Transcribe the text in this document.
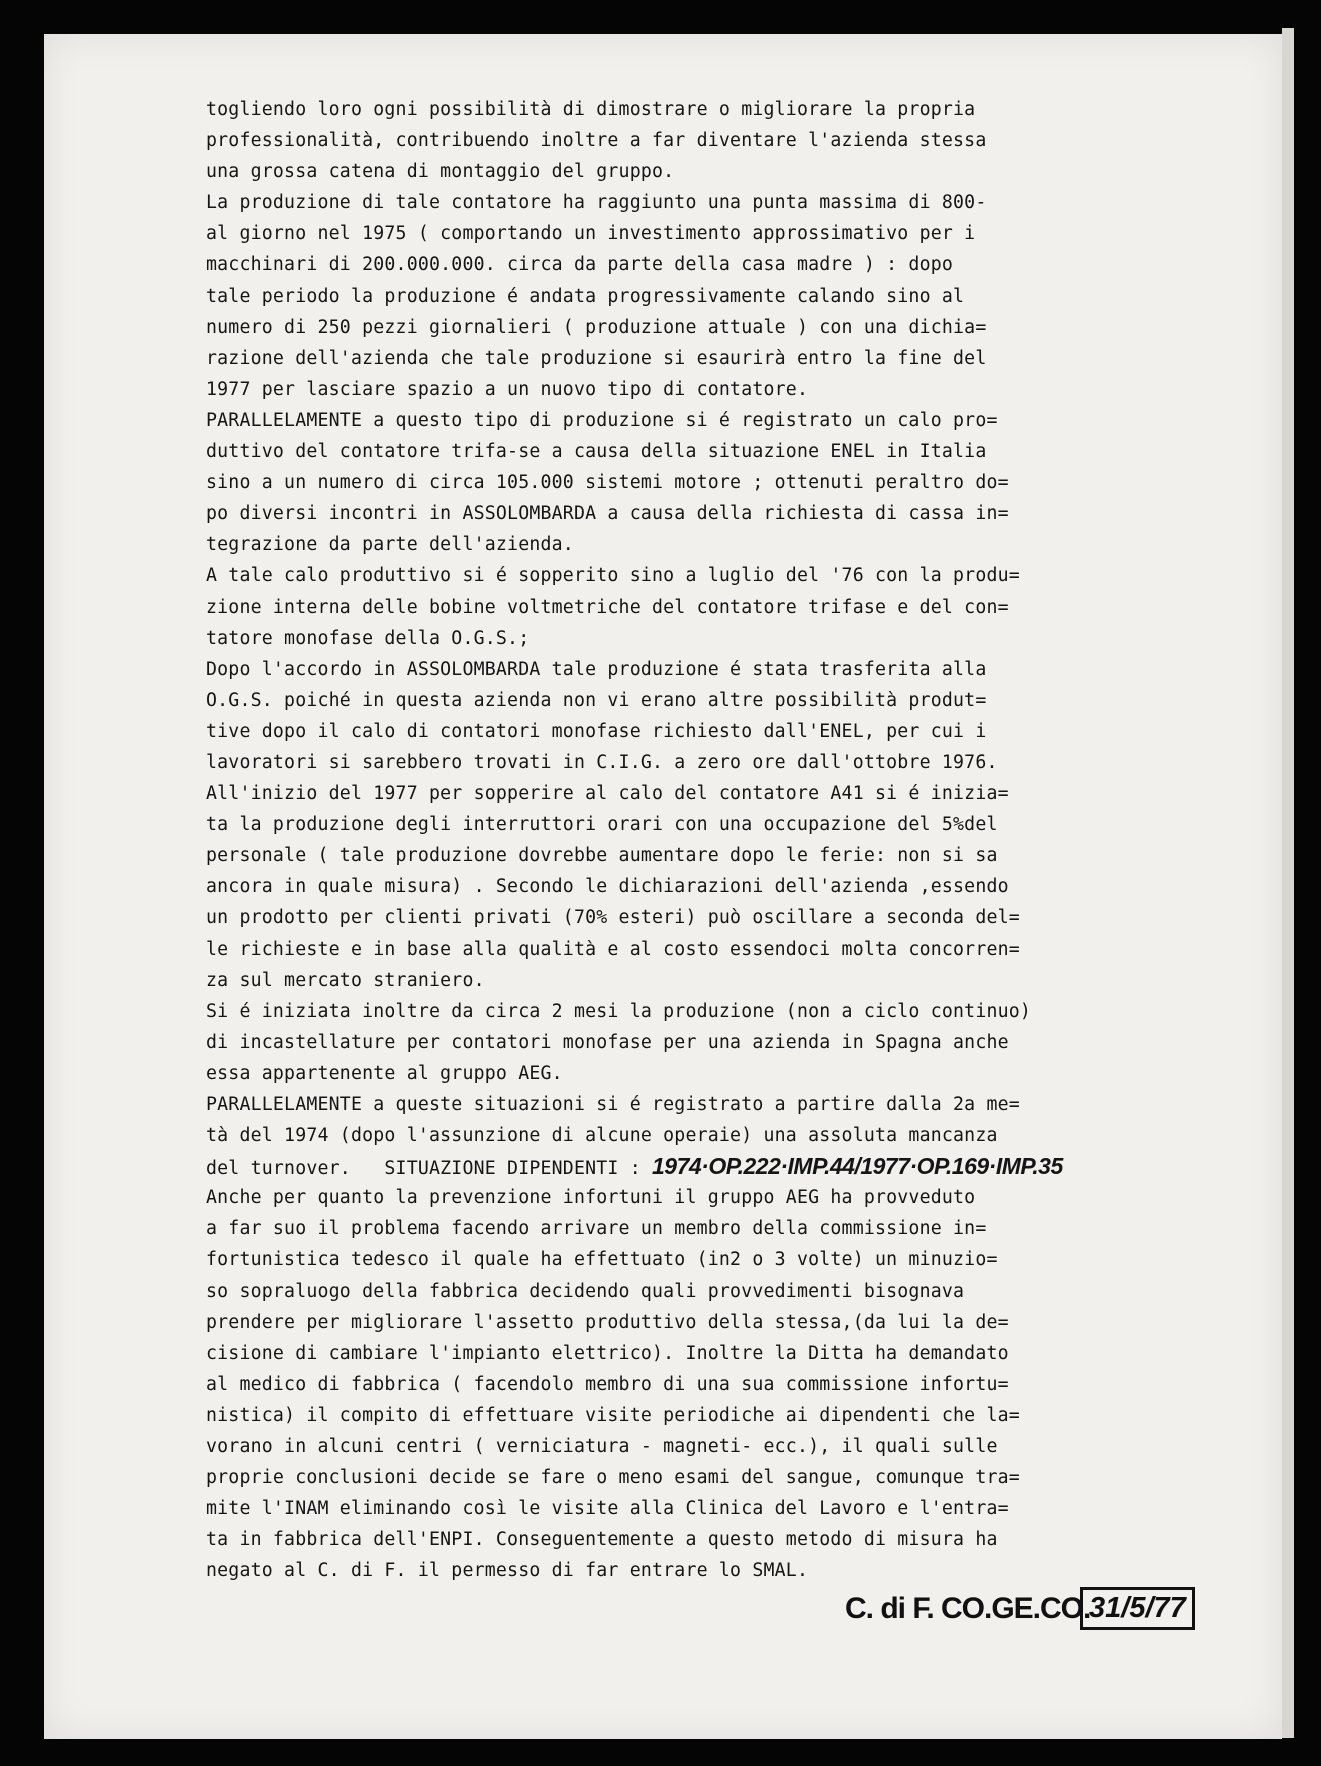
togliendo loro ogni possibilità di dimostrare o migliorare la propria
professionalità, contribuendo inoltre a far diventare l'azienda stessa
una grossa catena di montaggio del gruppo.
La produzione di tale contatore ha raggiunto una punta massima di 800-
al giorno nel 1975 ( comportando un investimento approssimativo per i
macchinari di 200.000.000. circa da parte della casa madre ) : dopo
tale periodo la produzione é andata progressivamente calando sino al
numero di 250 pezzi giornalieri ( produzione attuale ) con una dichia=
razione dell'azienda che tale produzione si esaurirà entro la fine del
1977 per lasciare spazio a un nuovo tipo di contatore.
PARALLELAMENTE a questo tipo di produzione si é registrato un calo pro=
duttivo del contatore trifa-se a causa della situazione ENEL in Italia
sino a un numero di circa 105.000 sistemi motore ; ottenuti peraltro do=
po diversi incontri in ASSOLOMBARDA a causa della richiesta di cassa in=
tegrazione da parte dell'azienda.
A tale calo produttivo si é sopperito sino a luglio del '76 con la produ=
zione interna delle bobine voltmetriche del contatore trifase e del con=
tatore monofase della O.G.S.;
Dopo l'accordo in ASSOLOMBARDA tale produzione é stata trasferita alla
O.G.S. poiché in questa azienda non vi erano altre possibilità produt=
tive dopo il calo di contatori monofase richiesto dall'ENEL, per cui i
lavoratori si sarebbero trovati in C.I.G. a zero ore dall'ottobre 1976.
All'inizio del 1977 per sopperire al calo del contatore A41 si é inizia=
ta la produzione degli interruttori orari con una occupazione del 5%del
personale ( tale produzione dovrebbe aumentare dopo le ferie: non si sa
ancora in quale misura) . Secondo le dichiarazioni dell'azienda ,essendo
un prodotto per clienti privati (70% esteri) può oscillare a seconda del=
le richieste e in base alla qualità e al costo essendoci molta concorren=
za sul mercato straniero.
Si é iniziata inoltre da circa 2 mesi la produzione (non a ciclo continuo)
di incastellature per contatori monofase per una azienda in Spagna anche
essa appartenente al gruppo AEG.
PARALLELAMENTE a queste situazioni si é registrato a partire dalla 2a me=
tà del 1974 (dopo l'assunzione di alcune operaie) una assoluta mancanza
del turnover. SITUAZIONE DIPENDENTI : 1974·OP.222·IMP.44/1977·OP.169·IMP.35
Anche per quanto la prevenzione infortuni il gruppo AEG ha provveduto
a far suo il problema facendo arrivare un membro della commissione in=
fortunistica tedesco il quale ha effettuato (in2 o 3 volte) un minuzio=
so sopraluogo della fabbrica decidendo quali provvedimenti bisognava
prendere per migliorare l'assetto produttivo della stessa,(da lui la de=
cisione di cambiare l'impianto elettrico). Inoltre la Ditta ha demandato
al medico di fabbrica ( facendolo membro di una sua commissione infortu=
nistica) il compito di effettuare visite periodiche ai dipendenti che la=
vorano in alcuni centri ( verniciatura - magneti- ecc.), il quali sulle
proprie conclusioni decide se fare o meno esami del sangue, comunque tra=
mite l'INAM eliminando così le visite alla Clinica del Lavoro e l'entra=
ta in fabbrica dell'ENPI. Conseguentemente a questo metodo di misura ha
negato al C. di F. il permesso di far entrare lo SMAL.
C. di F. CO.GE.CO.
31/5/77
